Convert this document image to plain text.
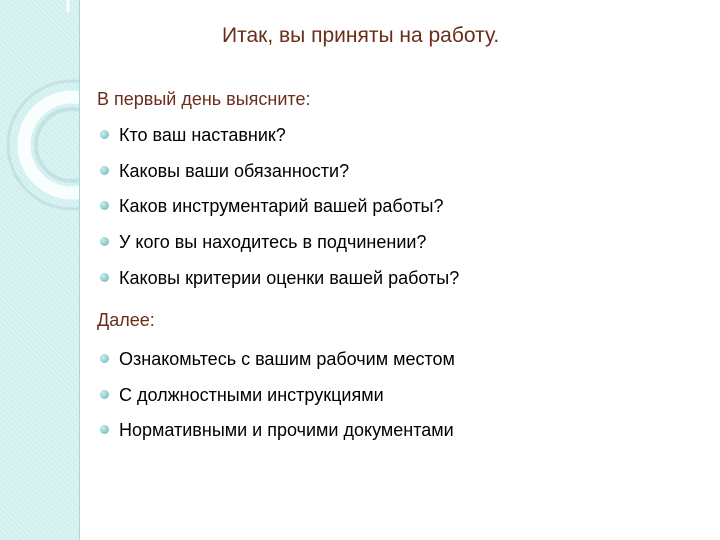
Итак, вы приняты на работу.
В первый день выясните:
Кто ваш наставник?
Каковы ваши обязанности?
Каков инструментарий вашей работы?
У кого вы находитесь в подчинении?
Каковы критерии оценки вашей работы?
Далее:
Ознакомьтесь с вашим рабочим местом
С должностными инструкциями
Нормативными и прочими документами
